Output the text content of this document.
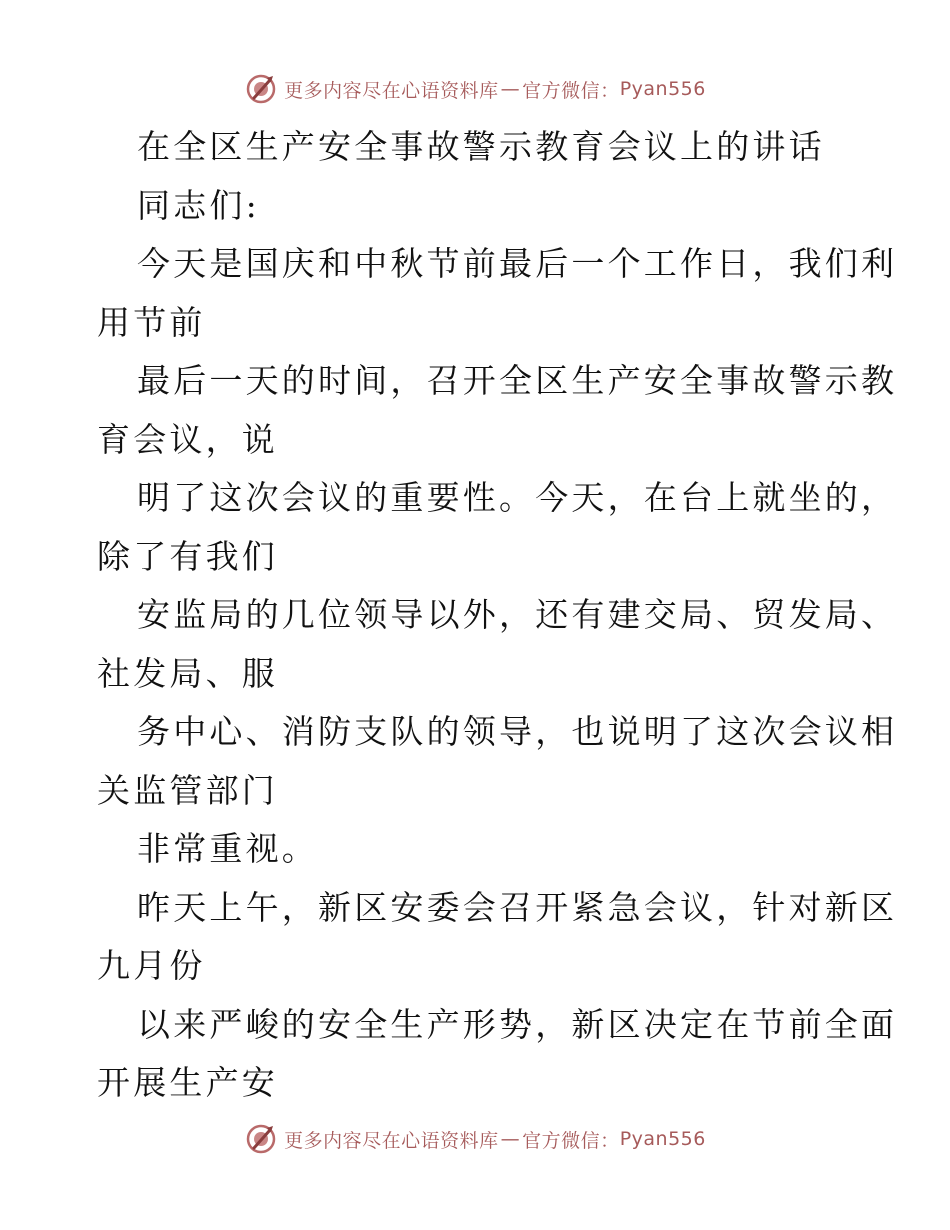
更多内容尽在心语资料库 — 官方微信： Pyan556
在全区生产安全事故警示教育会议上的讲话
同志们:
今天是国庆和中秋节前最后一个工作日，我们利
用节前
最后一天的时间，召开全区生产安全事故警示教
育会议，说
明了这次会议的重要性。今天，在台上就坐的，
除了有我们
安监局的几位领导以外，还有建交局、贸发局、
社发局、服
务中心、消防支队的领导，也说明了这次会议相
关监管部门
非常重视。
昨天上午，新区安委会召开紧急会议，针对新区
九月份
以来严峻的安全生产形势，新区决定在节前全面
开展生产安
更多内容尽在心语资料库 — 官方微信： Pyan556
